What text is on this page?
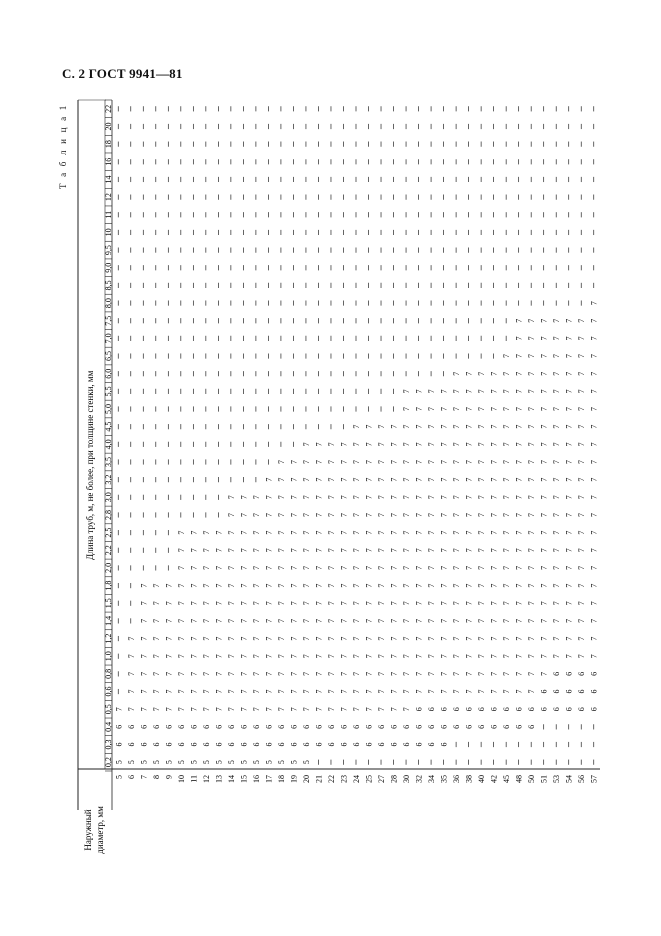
С. 2 ГОСТ 9941—81
Т а б л и ц а 1
Длина труб, м, не более, при толщине стенки, мм
Наружный диаметр, мм
0,2
0,3
0,4
0,5
0,6
0,8
1,0
1,2
1,4
1,5
1,8
2,0
2,2
2,5
2,8
3,0
3,2
3,5
4,0
4,5
5,0
5,5
6,0
6,5
7,0
7,5
8,0
8,5
9,0
9,5
10
11
12
14
16
18
20
22
5 6 7 8 9 10 11 12 13 14 15 16 17 18 19 20 21 22 23 24 25 27 28 30 32 34 35 36 38 40 42 45 48 50 51 53 54 56 57
5
6
6
7
5
6
6
7
7
7
7
7
5
6
6
7
7
7
7
7
7
7
7
5
6
6
7
7
7
7
7
7
7
7
5
6
6
7
7
7
7
7
7
7
7
5
6
6
7
7
7
7
7
7
7
7
7
7
7
5
6
6
7
7
7
7
7
7
7
7
7
7
7
5
6
6
7
7
7
7
7
7
7
7
7
7
7
5
6
6
7
7
7
7
7
7
7
7
7
7
7
5
6
6
7
7
7
7
7
7
7
7
7
7
7
7
7
5
6
6
7
7
7
7
7
7
7
7
7
7
7
7
7
5
6
6
7
7
7
7
7
7
7
7
7
7
7
7
7
5
6
6
7
7
7
7
7
7
7
7
7
7
7
7
7
7
5
6
6
7
7
7
7
7
7
7
7
7
7
7
7
7
7
7
5
6
6
7
7
7
7
7
7
7
7
7
7
7
7
7
7
7
5
6
6
7
7
7
7
7
7
7
7
7
7
7
7
7
7
7
7
6
6
7
7
7
7
7
7
7
7
7
7
7
7
7
7
7
7
6
6
7
7
7
7
7
7
7
7
7
7
7
7
7
7
7
7
6
6
7
7
7
7
7
7
7
7
7
7
7
7
7
7
7
7
6
6
7
7
7
7
7
7
7
7
7
7
7
7
7
7
7
7
7
6
6
7
7
7
7
7
7
7
7
7
7
7
7
7
7
7
7
7
6
6
7
7
7
7
7
7
7
7
7
7
7
7
7
7
7
7
7
6
6
7
7
7
7
7
7
7
7
7
7
7
7
7
7
7
7
7
6
6
7
7
7
7
7
7
7
7
7
7
7
7
7
7
7
7
7
7
7
6
6
6
7
7
7
7
7
7
7
7
7
7
7
7
7
7
7
7
7
7
6
6
6
7
7
7
7
7
7
7
7
7
7
7
7
7
7
7
7
7
7
6
6
6
7
7
7
7
7
7
7
7
7
7
7
7
7
7
7
7
7
7
6
6
7
7
7
7
7
7
7
7
7
7
7
7
7
7
7
7
7
7
7
6
6
7
7
7
7
7
7
7
7
7
7
7
7
7
7
7
7
7
7
7
6
6
7
7
7
7
7
7
7
7
7
7
7
7
7
7
7
7
7
7
7
6
6
7
7
7
7
7
7
7
7
7
7
7
7
7
7
7
7
7
7
7
6
6
7
7
7
7
7
7
7
7
7
7
7
7
7
7
7
7
7
7
7
7
6
6
7
7
7
7
7
7
7
7
7
7
7
7
7
7
7
7
7
7
7
7
7
7
6
6
7
7
7
7
7
7
7
7
7
7
7
7
7
7
7
7
7
7
7
7
7
7
6
6
7
7
7
7
7
7
7
7
7
7
7
7
7
7
7
7
7
7
7
7
7
6
6
6
7
7
7
7
7
7
7
7
7
7
7
7
7
7
7
7
7
7
7
7
6
6
6
7
7
7
7
7
7
7
7
7
7
7
7
7
7
7
7
7
7
7
7
6
6
6
7
7
7
7
7
7
7
7
7
7
7
7
7
7
7
7
7
7
7
7
6
6
6
7
7
7
7
7
7
7
7
7
7
7
7
7
7
7
7
7
7
7
7
7
